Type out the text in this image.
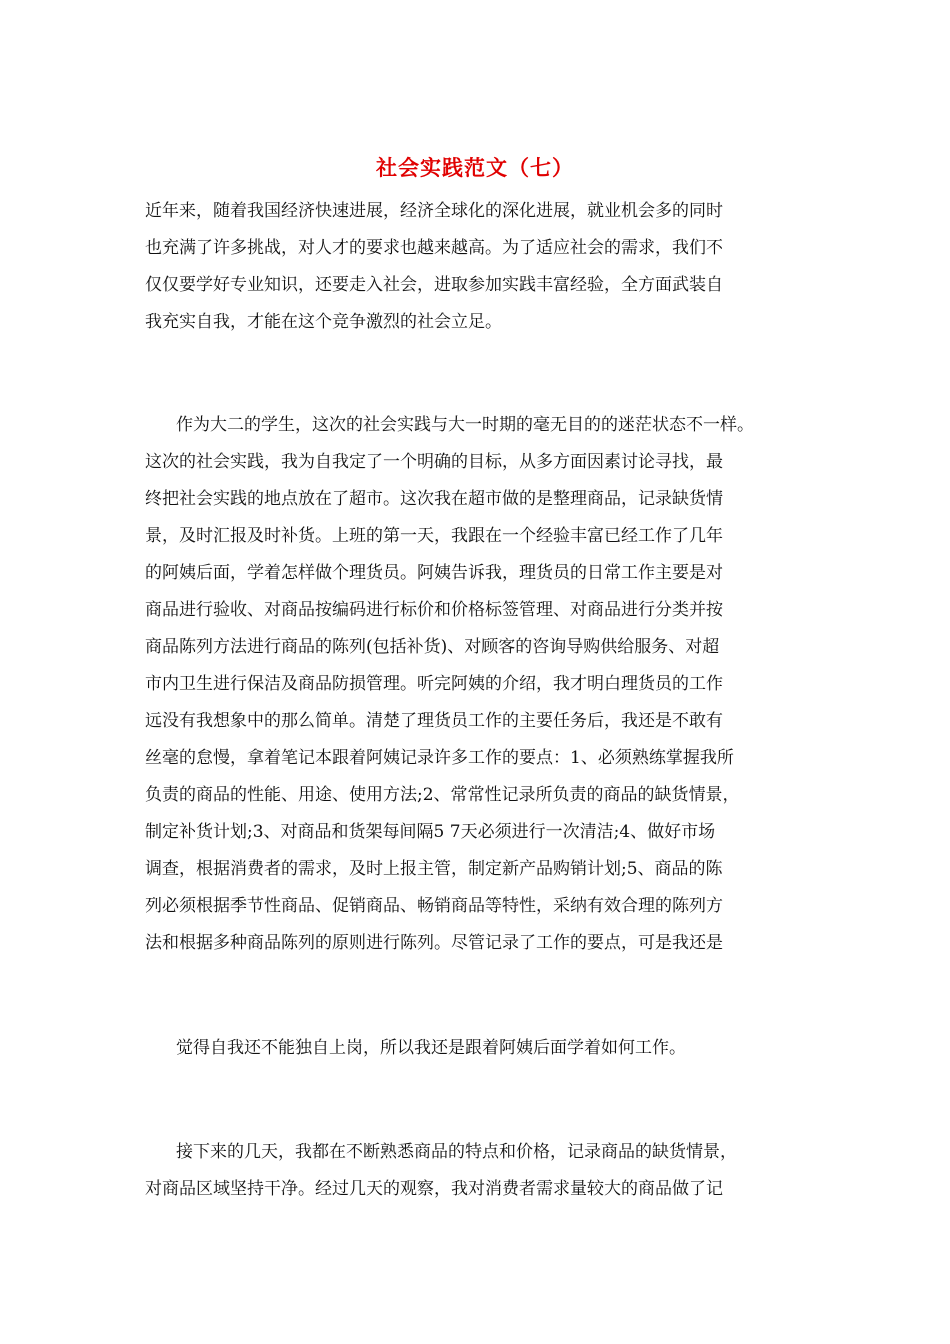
社会实践范文（七）

近年来，随着我国经济快速进展，经济全球化的深化进展，就业机会多的同时

也充满了许多挑战，对人才的要求也越来越高。为了适应社会的需求，我们不

仅仅要学好专业知识，还要走入社会，进取参加实践丰富经验，全方面武装自

我充实自我，才能在这个竞争激烈的社会立足。

作为大二的学生，这次的社会实践与大一时期的毫无目的的迷茫状态不一样。

这次的社会实践，我为自我定了一个明确的目标，从多方面因素讨论寻找，最

终把社会实践的地点放在了超市。这次我在超市做的是整理商品，记录缺货情

景，及时汇报及时补货。上班的第一天，我跟在一个经验丰富已经工作了几年

的阿姨后面，学着怎样做个理货员。阿姨告诉我，理货员的日常工作主要是对

商品进行验收、对商品按编码进行标价和价格标签管理、对商品进行分类并按

商品陈列方法进行商品的陈列(包括补货)、对顾客的咨询导购供给服务、对超

市内卫生进行保洁及商品防损管理。听完阿姨的介绍，我才明白理货员的工作

远没有我想象中的那么简单。清楚了理货员工作的主要任务后，我还是不敢有

丝毫的怠慢，拿着笔记本跟着阿姨记录许多工作的要点：1、必须熟练掌握我所

负责的商品的性能、用途、使用方法;2、常常性记录所负责的商品的缺货情景，

制定补货计划;3、对商品和货架每间隔5 7天必须进行一次清洁;4、做好市场

调查，根据消费者的需求，及时上报主管，制定新产品购销计划;5、商品的陈

列必须根据季节性商品、促销商品、畅销商品等特性，采纳有效合理的陈列方

法和根据多种商品陈列的原则进行陈列。尽管记录了工作的要点，可是我还是

觉得自我还不能独自上岗，所以我还是跟着阿姨后面学着如何工作。

接下来的几天，我都在不断熟悉商品的特点和价格，记录商品的缺货情景，

对商品区域坚持干净。经过几天的观察，我对消费者需求量较大的商品做了记
